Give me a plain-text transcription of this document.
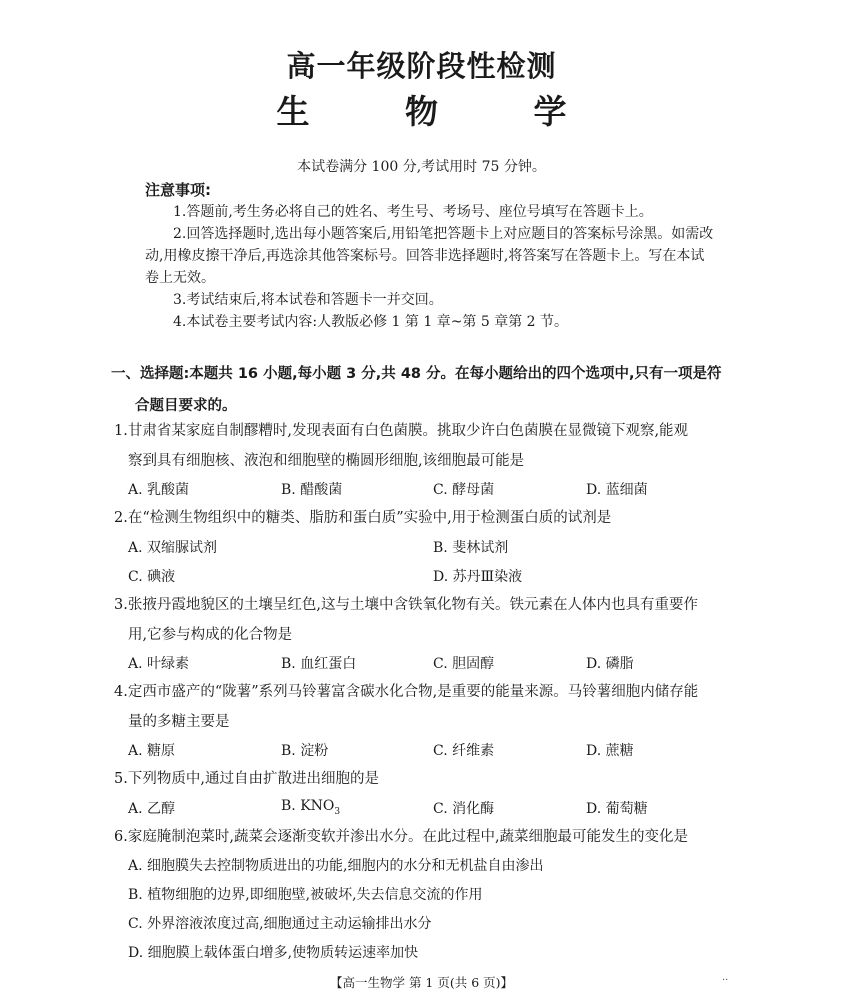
高一年级阶段性检测
生 物 学
本试卷满分 100 分,考试用时 75 分钟。
注意事项:

1.答题前,考生务必将自己的姓名、考生号、考场号、座位号填写在答题卡上。

2.回答选择题时,选出每小题答案后,用铅笔把答题卡上对应题目的答案标号涂黑。如需改动,用橡皮擦干净后,再选涂其他答案标号。回答非选择题时,将答案写在答题卡上。写在本试卷上无效。

3.考试结束后,将本试卷和答题卡一并交回。

4.本试卷主要考试内容:人教版必修 1 第 1 章~第 5 章第 2 节。

一、选择题:本题共 16 小题,每小题 3 分,共 48 分。在每小题给出的四个选项中,只有一项是符
合题目要求的。
1.甘肃省某家庭自制醪糟时,发现表面有白色菌膜。挑取少许白色菌膜在显微镜下观察,能观
察到具有细胞核、液泡和细胞壁的椭圆形细胞,该细胞最可能是
A. 乳酸菌	B. 醋酸菌	C. 酵母菌	D. 蓝细菌
2.在“检测生物组织中的糖类、脂肪和蛋白质”实验中,用于检测蛋白质的试剂是
A. 双缩脲试剂	B. 斐林试剂
C. 碘液	D. 苏丹Ⅲ染液
3.张掖丹霞地貌区的土壤呈红色,这与土壤中含铁氧化物有关。铁元素在人体内也具有重要作
用,它参与构成的化合物是
A. 叶绿素	B. 血红蛋白	C. 胆固醇	D. 磷脂
4.定西市盛产的“陇薯”系列马铃薯富含碳水化合物,是重要的能量来源。马铃薯细胞内储存能
量的多糖主要是
A. 糖原	B. 淀粉	C. 纤维素	D. 蔗糖
5.下列物质中,通过自由扩散进出细胞的是
A. 乙醇	B. $KNO_3$	C. 消化酶	D. 葡萄糖
6.家庭腌制泡菜时,蔬菜会逐渐变软并渗出水分。在此过程中,蔬菜细胞最可能发生的变化是
A. 细胞膜失去控制物质进出的功能,细胞内的水分和无机盐自由渗出
B. 植物细胞的边界,即细胞壁,被破坏,失去信息交流的作用
C. 外界溶液浓度过高,细胞通过主动运输排出水分
D. 细胞膜上载体蛋白增多,使物质转运速率加快
【高一生物学 第 1 页(共 6 页)】	··
